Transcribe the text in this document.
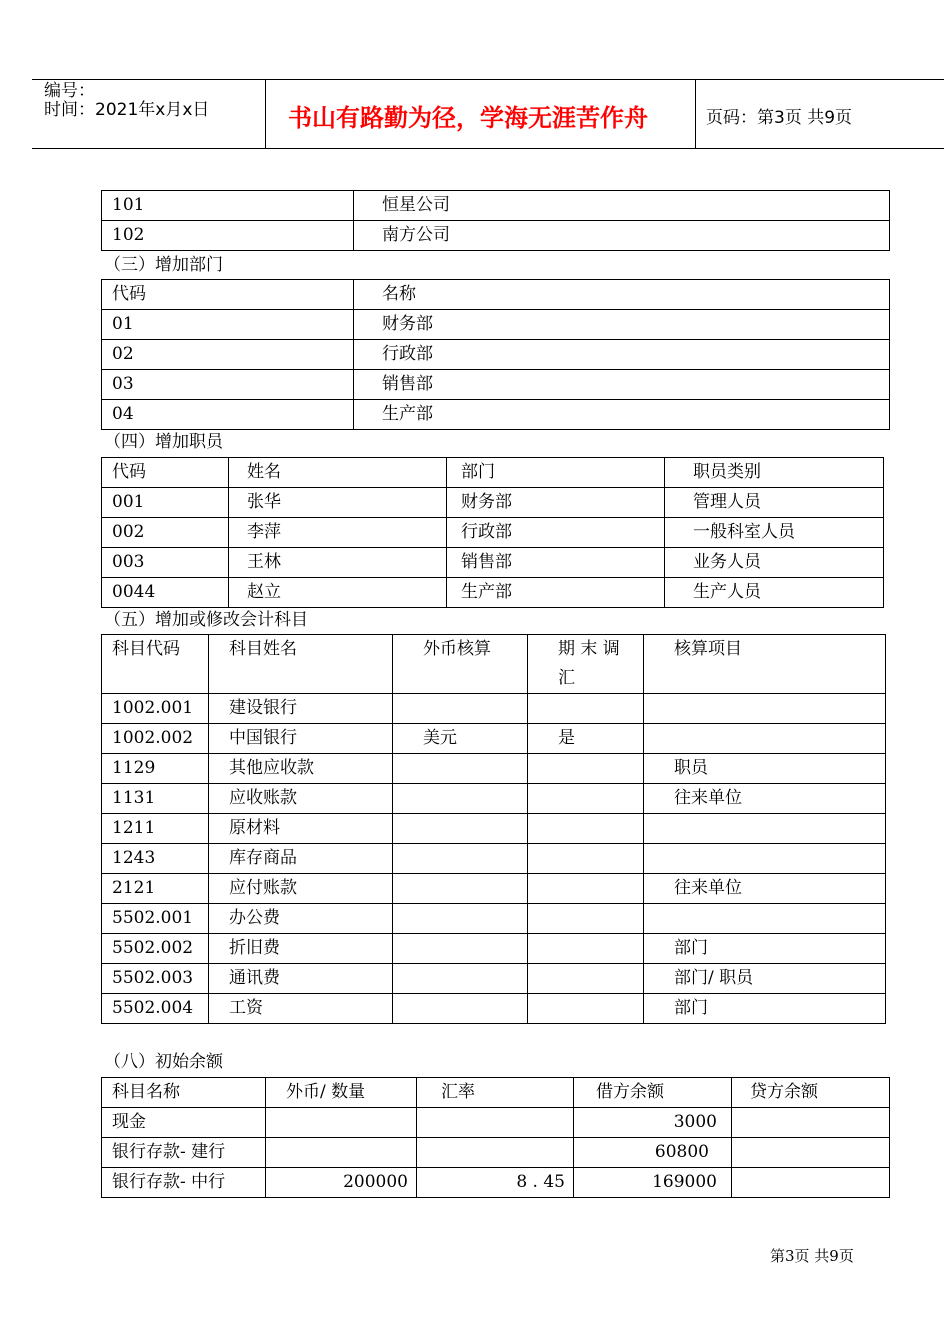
编号：
时间：2021年x月x日	书山有路勤为径，学海无涯苦作舟	页码：第3页 共9页
101	恒星公司
102	南方公司
（三）增加部门
代码	名称
01	财务部
02	行政部
03	销售部
04	生产部
（四）增加职员
代码	姓名	部门	职员类别
001	张华	财务部	管理人员
002	李萍	行政部	一般科室人员
003	王林	销售部	业务人员
0044	赵立	生产部	生产人员
（五）增加或修改会计科目
科目代码	科目姓名	外币核算	期 末 调 汇	核算项目
1002.001	建设银行			
1002.002	中国银行	美元	是	
1129	其他应收款			职员
1131	应收账款			往来单位
1211	原材料			
1243	库存商品			
2121	应付账款			往来单位
5502.001	办公费			
5502.002	折旧费			部门
5502.003	通讯费			部门/ 职员
5502.004	工资			部门
（八）初始余额
科目名称	外币/ 数量	汇率	借方余额	贷方余额
现金			3000	
银行存款- 建行			60800	
银行存款- 中行	200000	8 . 45	169000	
第3页 共9页
